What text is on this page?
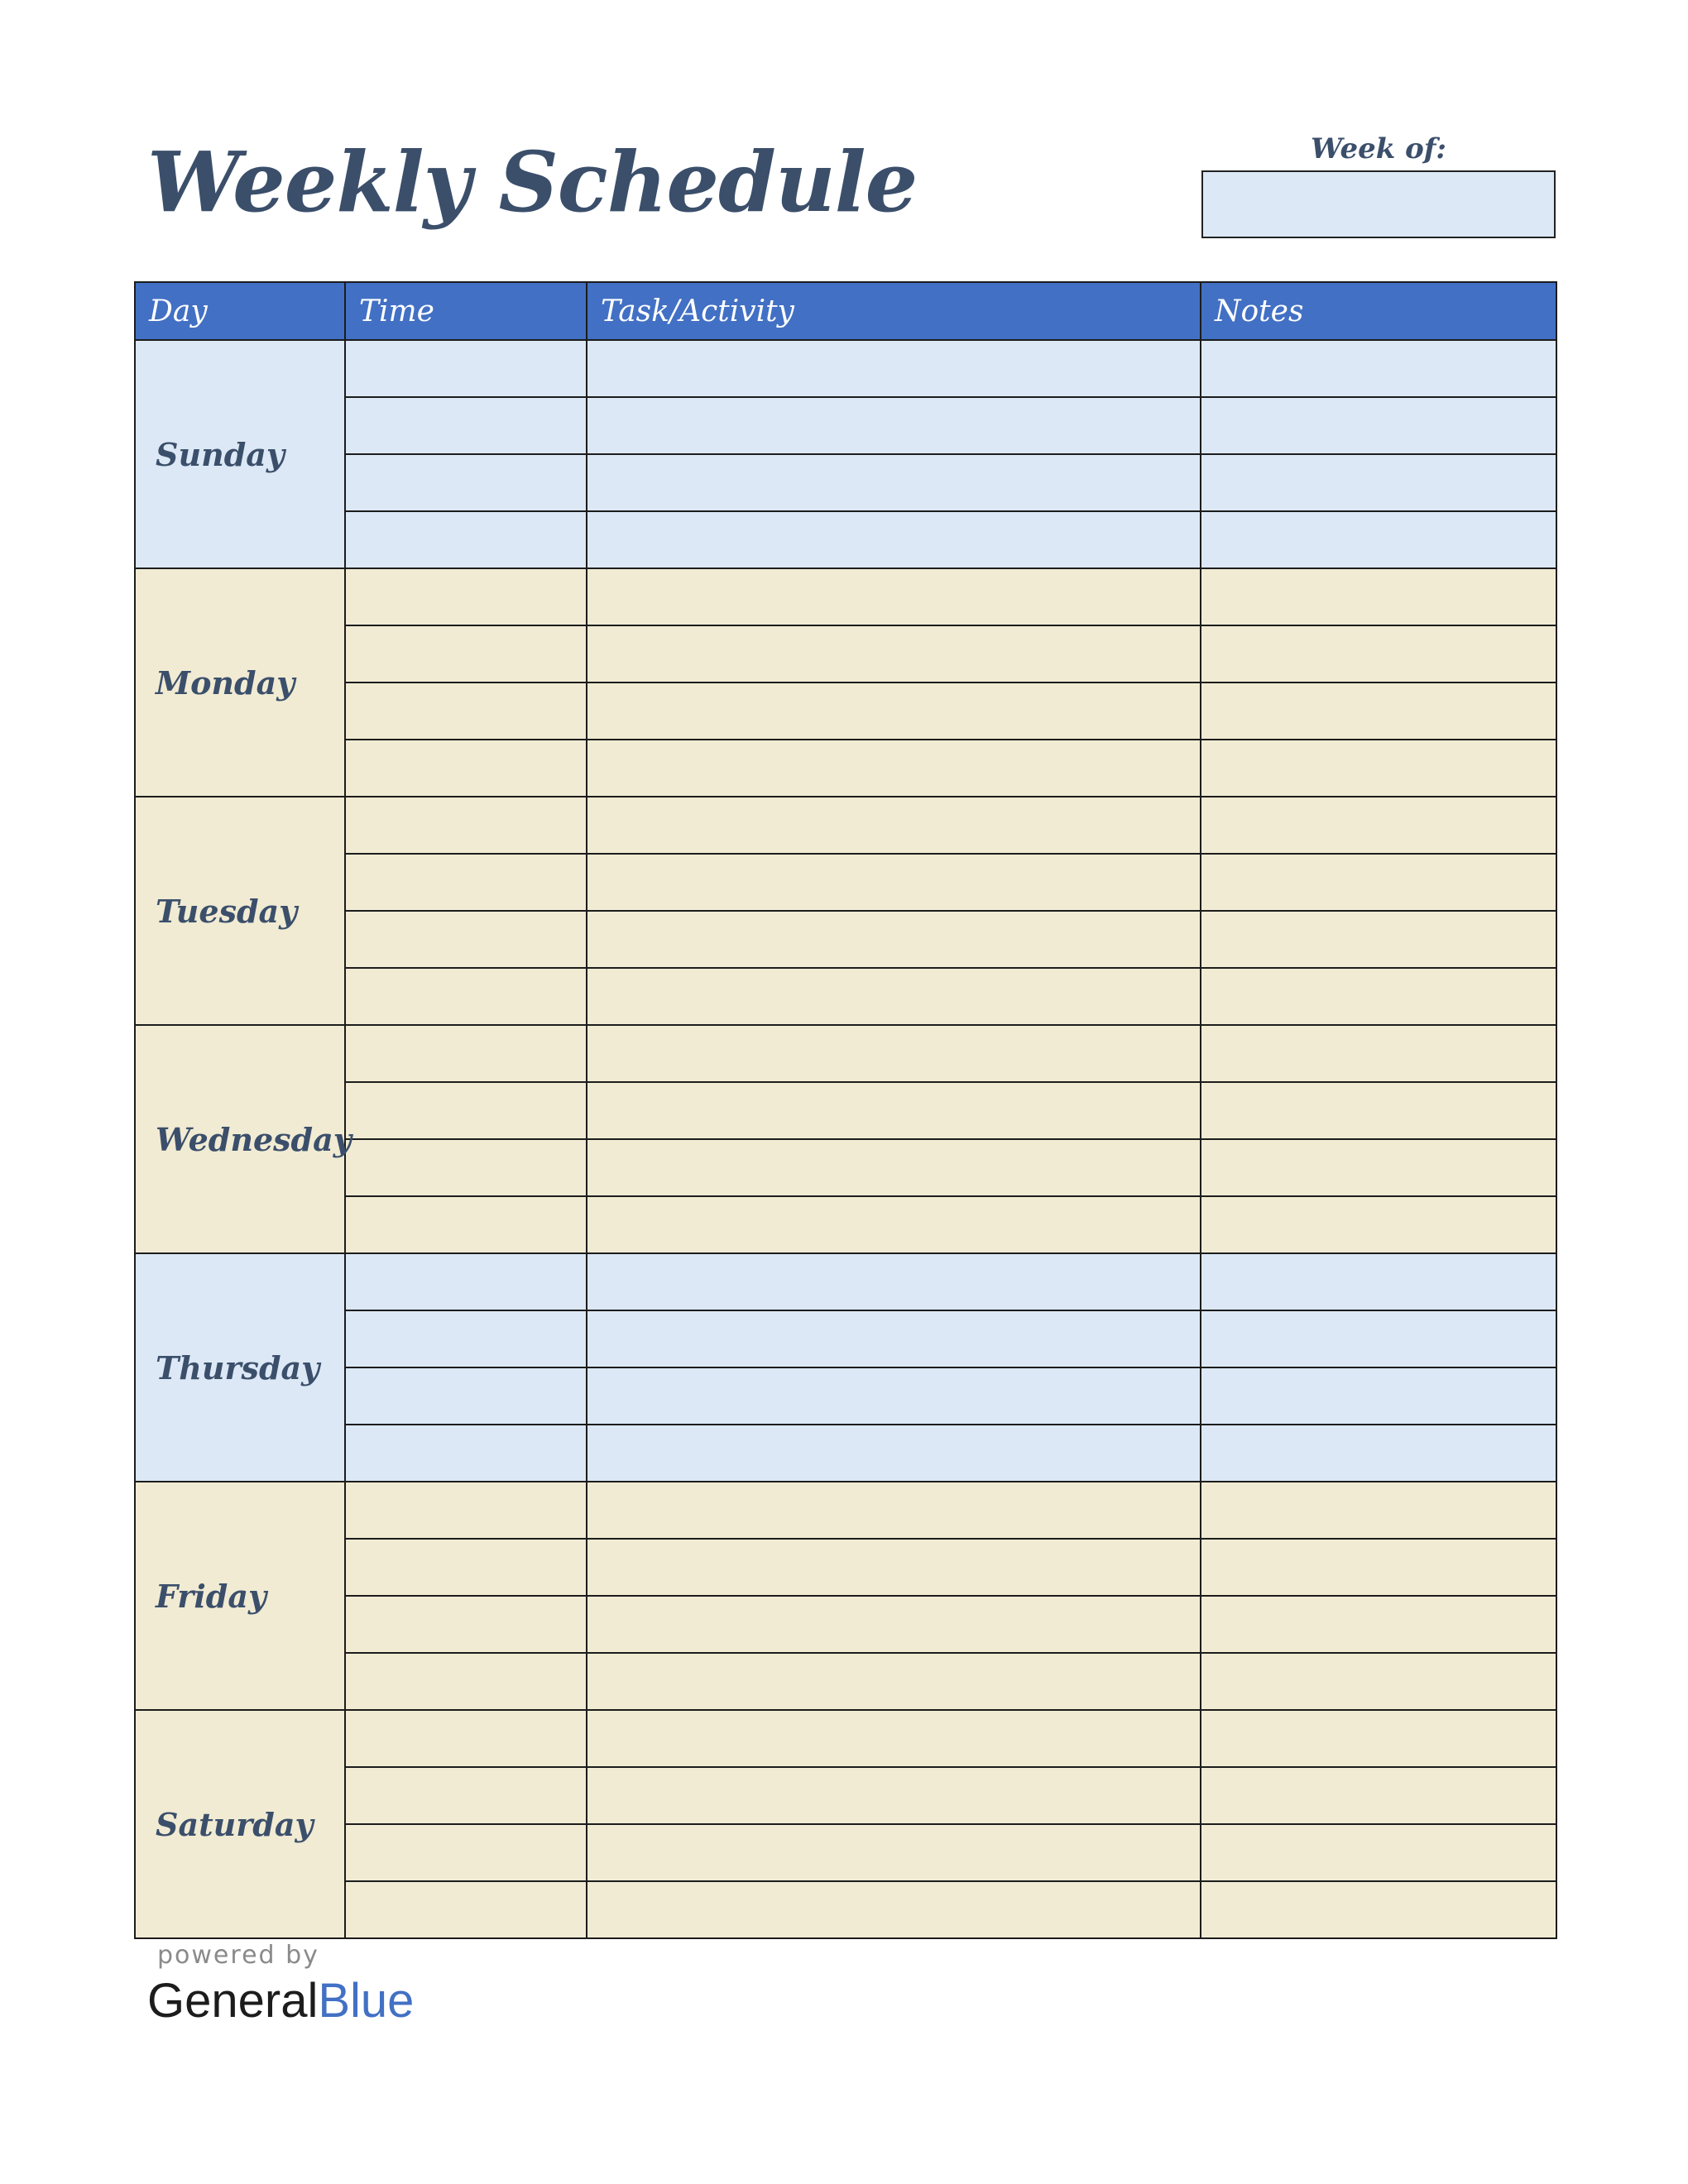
Weekly Schedule	Week of:
Day	Time	Task/Activity	Notes
Sunday			

Monday			

Tuesday			

Wednesday			

Thursday			

Friday			

Saturday			

powered by
GeneralBlue
